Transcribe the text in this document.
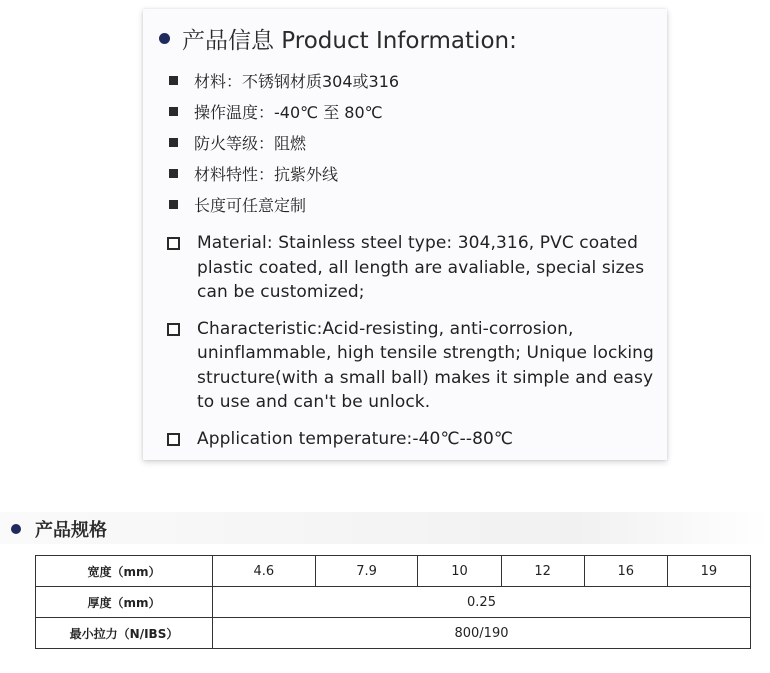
产品信息 Product Information:
材料：不锈钢材质304或316
操作温度：-40℃ 至 80℃
防火等级：阻燃
材料特性：抗紫外线
长度可任意定制
Material: Stainless steel type: 304,316, PVC coated plastic coated, all length are avaliable, special sizes can be customized;
Characteristic:Acid-resisting, anti-corrosion, uninflammable, high tensile strength; Unique locking structure(with a small ball) makes it simple and easy to use and can't be unlock.
Application temperature:-40℃--80℃
产品规格
宽度（mm）	4.6	7.9	10	12	16	19
厚度（mm）	0.25					
最小拉力（N/IBS）	800/190					
